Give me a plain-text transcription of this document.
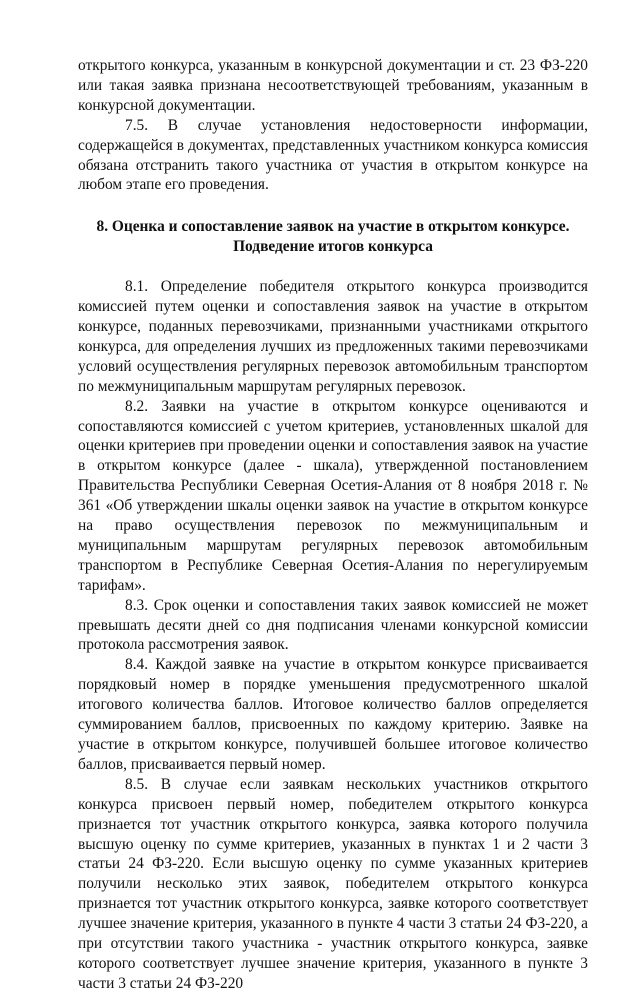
открытого конкурса, указанным в конкурсной документации и ст. 23 ФЗ-220 или такая заявка признана несоответствующей требованиям, указанным в конкурсной документации.

7.5. В случае установления недостоверности информации, содержащейся в документах, представленных участником конкурса комиссия обязана отстранить такого участника от участия в открытом конкурсе на любом этапе его проведения.

8. Оценка и сопоставление заявок на участие в открытом конкурсе.

Подведение итогов конкурса

8.1. Определение победителя открытого конкурса производится комиссией путем оценки и сопоставления заявок на участие в открытом конкурсе, поданных перевозчиками, признанными участниками открытого конкурса, для определения лучших из предложенных такими перевозчиками условий осуществления регулярных перевозок автомобильным транспортом по межмуниципальным маршрутам регулярных перевозок.

8.2. Заявки на участие в открытом конкурсе оцениваются и сопоставляются комиссией с учетом критериев, установленных шкалой для оценки критериев при проведении оценки и сопоставления заявок на участие в открытом конкурсе (далее - шкала), утвержденной постановлением Правительства Республики Северная Осетия-Алания от 8 ноября 2018 г. № 361 «Об утверждении шкалы оценки заявок на участие в открытом конкурсе на право осуществления перевозок по межмуниципальным и муниципальным маршрутам регулярных перевозок автомобильным транспортом в Республике Северная Осетия-Алания по нерегулируемым тарифам».

8.3. Срок оценки и сопоставления таких заявок комиссией не может превышать десяти дней со дня подписания членами конкурсной комиссии протокола рассмотрения заявок.

8.4. Каждой заявке на участие в открытом конкурсе присваивается порядковый номер в порядке уменьшения предусмотренного шкалой итогового количества баллов. Итоговое количество баллов определяется суммированием баллов, присвоенных по каждому критерию. Заявке на участие в открытом конкурсе, получившей большее итоговое количество баллов, присваивается первый номер.

8.5. В случае если заявкам нескольких участников открытого конкурса присвоен первый номер, победителем открытого конкурса признается тот участник открытого конкурса, заявка которого получила высшую оценку по сумме критериев, указанных в пунктах 1 и 2 части 3 статьи 24 ФЗ-220. Если высшую оценку по сумме указанных критериев получили несколько этих заявок, победителем открытого конкурса признается тот участник открытого конкурса, заявке которого соответствует лучшее значение критерия, указанного в пункте 4 части 3 статьи 24 ФЗ-220, а при отсутствии такого участника - участник открытого конкурса, заявке которого соответствует лучшее значение критерия, указанного в пункте 3 части 3 статьи 24 ФЗ-220
